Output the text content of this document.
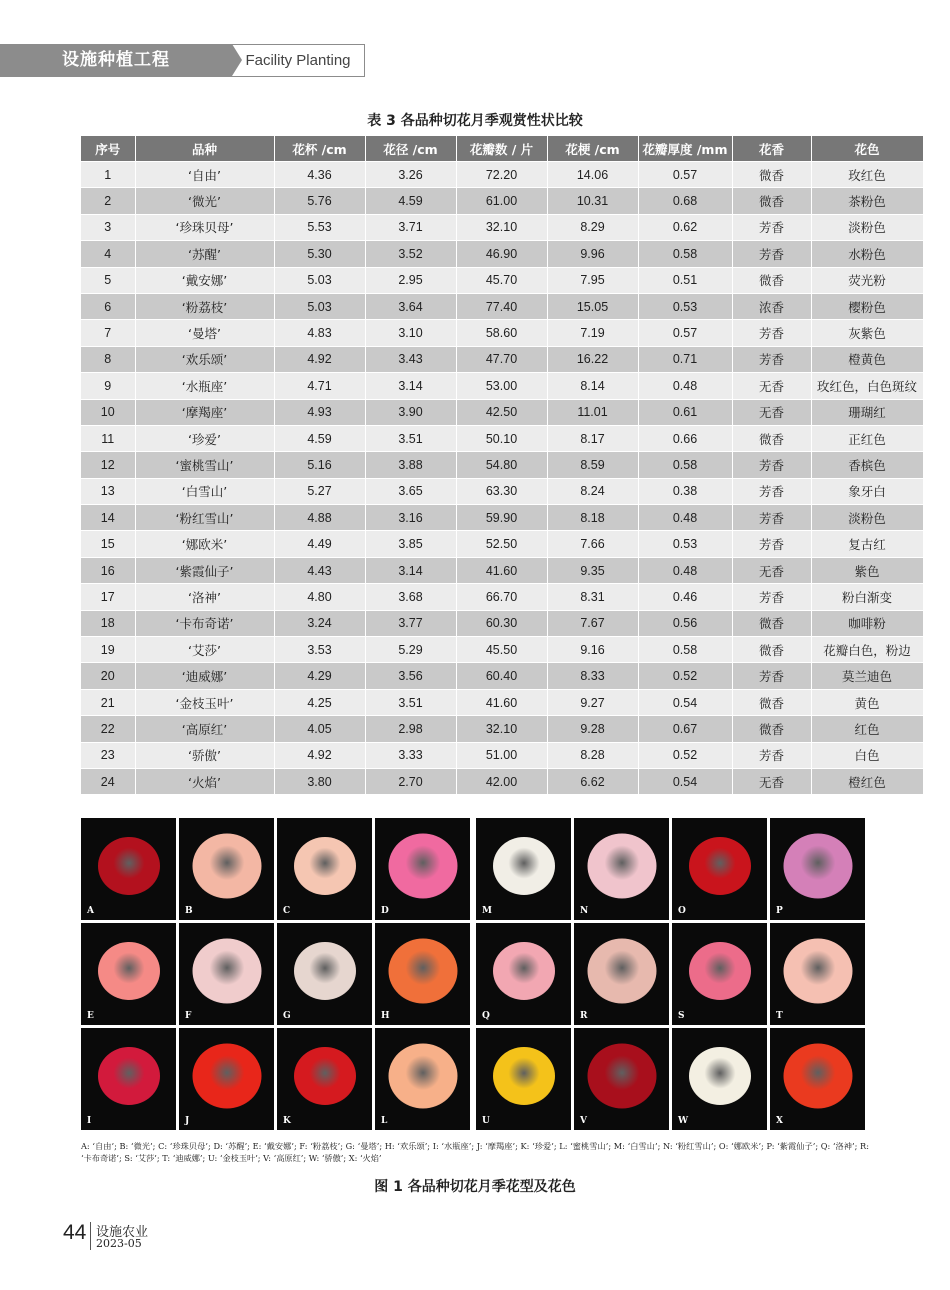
设施种植工程	Facility Planting
表 3 各品种切花月季观赏性状比较
序号	品种	花杯 /cm	花径 /cm	花瓣数 / 片	花梗 /cm	花瓣厚度 /mm	花香	花色
1	‘自由’	4.36	3.26	72.20	14.06	0.57	微香	玫红色
2	‘微光’	5.76	4.59	61.00	10.31	0.68	微香	茶粉色
3	‘珍珠贝母’	5.53	3.71	32.10	8.29	0.62	芳香	淡粉色
4	‘苏醒’	5.30	3.52	46.90	9.96	0.58	芳香	水粉色
5	‘戴安娜’	5.03	2.95	45.70	7.95	0.51	微香	荧光粉
6	‘粉荔枝’	5.03	3.64	77.40	15.05	0.53	浓香	樱粉色
7	‘曼塔’	4.83	3.10	58.60	7.19	0.57	芳香	灰紫色
8	‘欢乐颂’	4.92	3.43	47.70	16.22	0.71	芳香	橙黄色
9	‘水瓶座’	4.71	3.14	53.00	8.14	0.48	无香	玫红色，白色斑纹
10	‘摩羯座’	4.93	3.90	42.50	11.01	0.61	无香	珊瑚红
11	‘珍爱’	4.59	3.51	50.10	8.17	0.66	微香	正红色
12	‘蜜桃雪山’	5.16	3.88	54.80	8.59	0.58	芳香	香槟色
13	‘白雪山’	5.27	3.65	63.30	8.24	0.38	芳香	象牙白
14	‘粉红雪山’	4.88	3.16	59.90	8.18	0.48	芳香	淡粉色
15	‘娜欧米’	4.49	3.85	52.50	7.66	0.53	芳香	复古红
16	‘紫霞仙子’	4.43	3.14	41.60	9.35	0.48	无香	紫色
17	‘洛神’	4.80	3.68	66.70	8.31	0.46	芳香	粉白渐变
18	‘卡布奇诺’	3.24	3.77	60.30	7.67	0.56	微香	咖啡粉
19	‘艾莎’	3.53	5.29	45.50	9.16	0.58	微香	花瓣白色，粉边
20	‘迪威娜’	4.29	3.56	60.40	8.33	0.52	芳香	莫兰迪色
21	‘金枝玉叶’	4.25	3.51	41.60	9.27	0.54	微香	黄色
22	‘高原红’	4.05	2.98	32.10	9.28	0.67	微香	红色
23	‘骄傲’	4.92	3.33	51.00	8.28	0.52	芳香	白色
24	‘火焰’	3.80	2.70	42.00	6.62	0.54	无香	橙红色
A	B	C	D
E	F	G	H
I	J	K	L
M	N	O	P
Q	R	S	T
U	V	W	X
A: ‘自由’; B: ‘微光’; C: ‘珍珠贝母’; D: ‘苏醒’; E: ‘戴安娜’; F: ‘粉荔枝’; G: ‘曼塔’; H: ‘欢乐颂’; I: ‘水瓶座’; J: ‘摩羯座’; K: ‘珍爱’; L: ‘蜜桃雪山’; M: ‘白雪山’; N: ‘粉红雪山’; O: ‘娜欧米’; P: ‘紫霞仙子’; Q: ‘洛神’; R: ‘卡布奇诺’; S: ‘艾莎’; T: ‘迪威娜’; U: ‘金枝玉叶’; V: ‘高原红’; W: ‘骄傲’; X: ‘火焰’
图 1 各品种切花月季花型及花色
44 设施农业
2023-05
